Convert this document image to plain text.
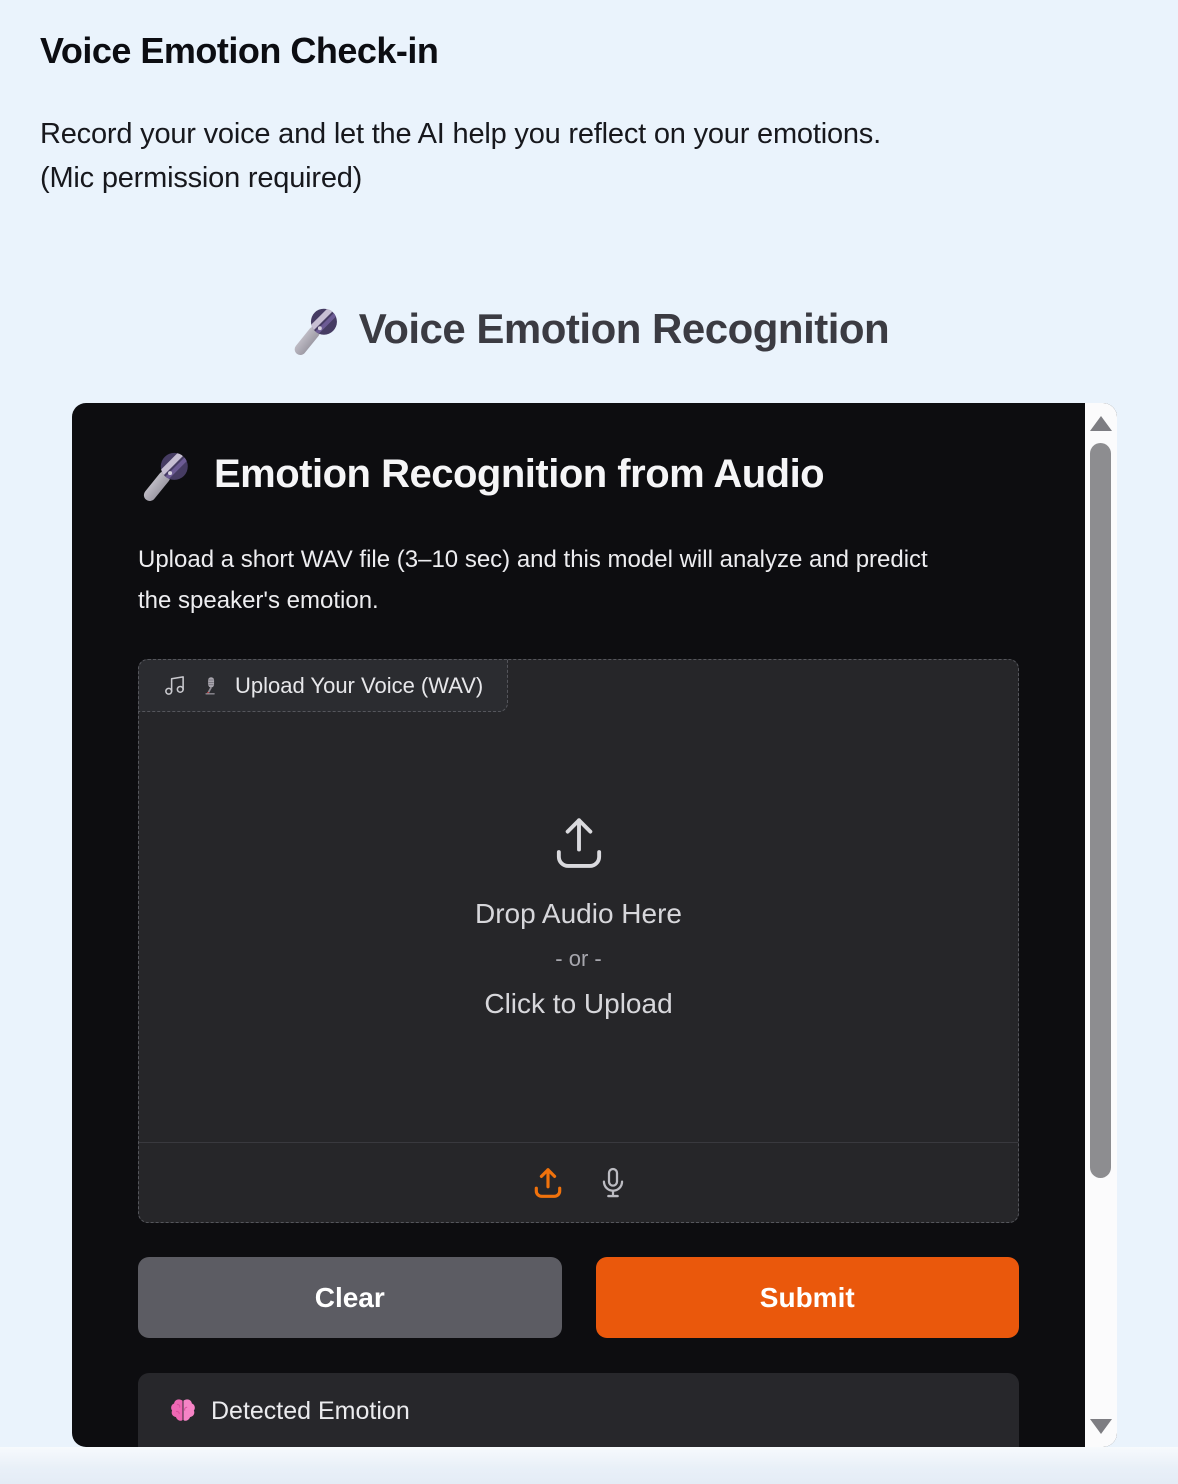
Voice Emotion Check-in
Record your voice and let the AI help you reflect on your emotions.
(Mic permission required)
Voice Emotion Recognition
Emotion Recognition from Audio
Upload a short WAV file (3–10 sec) and this model will analyze and predict
the speaker's emotion.
Upload Your Voice (WAV)
Drop Audio Here
- or -
Click to Upload
Clear	Submit
Detected Emotion
